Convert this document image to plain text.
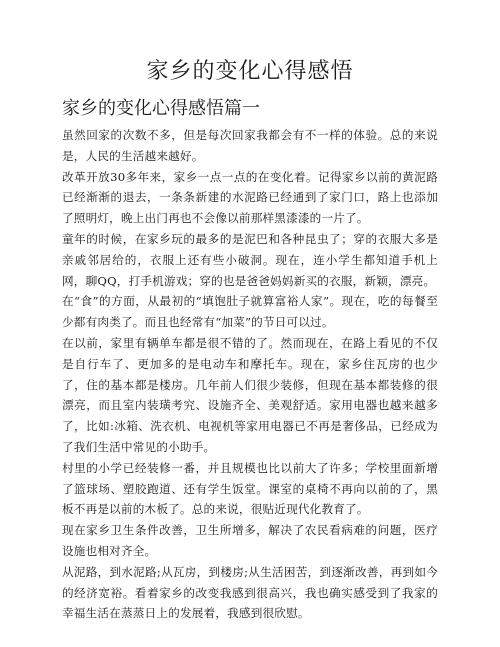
家乡的变化心得感悟
家乡的变化心得感悟篇一

虽然回家的次数不多，但是每次回家我都会有不一样的体验。总的来说是，人民的生活越来越好。

改革开放30多年来，家乡一点一点的在变化着。记得家乡以前的黄泥路已经渐渐的退去，一条条新建的水泥路已经通到了家门口，路上也添加了照明灯，晚上出门再也不会像以前那样黑漆漆的一片了。

童年的时候，在家乡玩的最多的是泥巴和各种昆虫了；穿的衣服大多是亲戚邻居给的，衣服上还有些小破洞。现在，连小学生都知道手机上网，聊QQ，打手机游戏；穿的也是爸爸妈妈新买的衣服，新颖，漂亮。

在“食”的方面，从最初的“填饱肚子就算富裕人家”。现在，吃的每餐至少都有肉类了。而且也经常有“加菜”的节日可以过。

在以前，家里有辆单车都是很不错的了。然而现在，在路上看见的不仅是自行车了、更加多的是电动车和摩托车。现在，家乡住瓦房的也少了，住的基本都是楼房。几年前人们很少装修，但现在基本都装修的很漂亮，而且室内装璜考究、设施齐全、美观舒适。家用电器也越来越多了，比如:冰箱、洗衣机、电视机等家用电器已不再是奢侈品，已经成为了我们生活中常见的小助手。

村里的小学已经装修一番，并且规模也比以前大了许多；学校里面新增了篮球场、塑胶跑道、还有学生饭堂。课室的桌椅不再向以前的了，黑板不再是以前的木板了。总的来说，很贴近现代化教育了。

现在家乡卫生条件改善，卫生所增多，解决了农民看病难的问题，医疗设施也相对齐全。

从泥路，到水泥路;从瓦房，到楼房;从生活困苦，到逐渐改善，再到如今的经济宽裕。看着家乡的改变我感到很高兴，我也确实感受到了我家的幸福生活在蒸蒸日上的发展着，我感到很欣慰。
